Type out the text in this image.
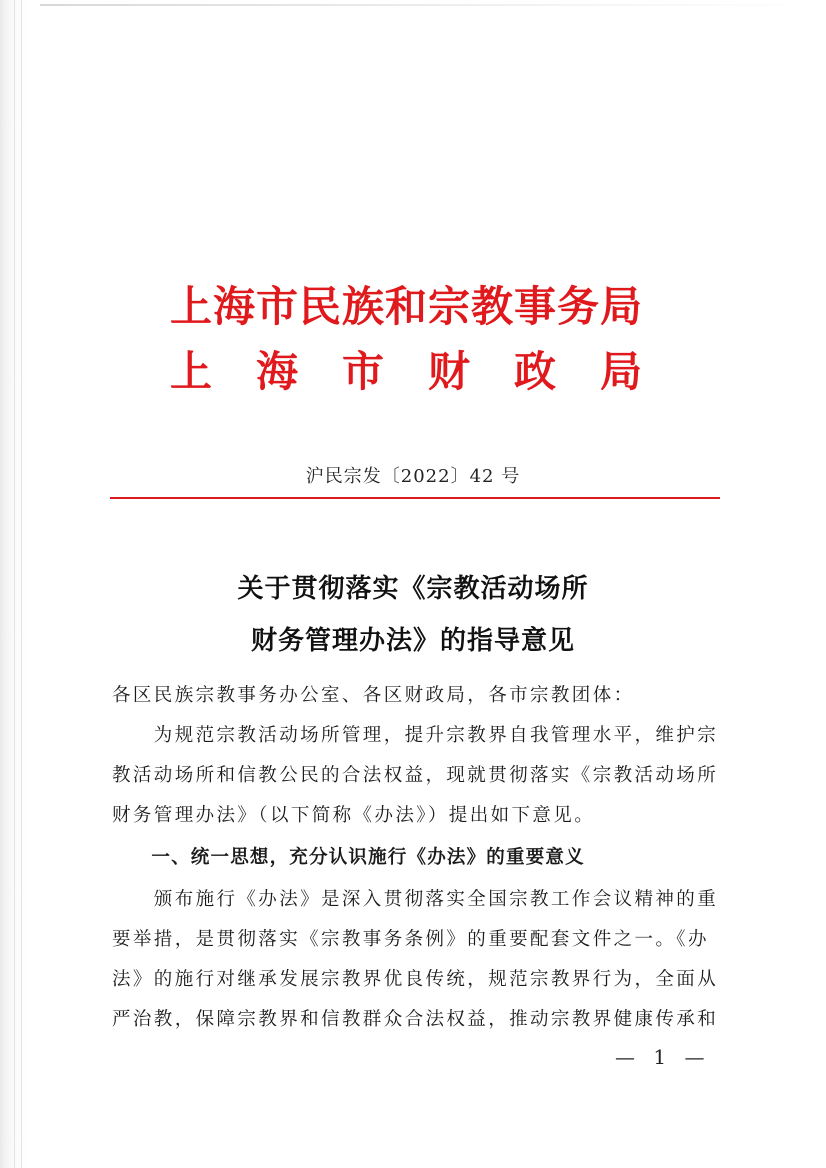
上海市民族和宗教事务局
上海市财政局
沪民宗发〔2022〕42 号
关于贯彻落实《宗教活动场所
财务管理办法》的指导意见
各区民族宗教事务办公室、各区财政局，各市宗教团体：
　　为规范宗教活动场所管理，提升宗教界自我管理水平，维护宗
教活动场所和信教公民的合法权益，现就贯彻落实《宗教活动场所
财务管理办法》（以下简称《办法》）提出如下意见。
　　一、统一思想，充分认识施行《办法》的重要意义
　　颁布施行《办法》是深入贯彻落实全国宗教工作会议精神的重
要举措，是贯彻落实《宗教事务条例》的重要配套文件之一。《办
法》的施行对继承发展宗教界优良传统，规范宗教界行为，全面从
严治教，保障宗教界和信教群众合法权益，推动宗教界健康传承和
— 1 —
